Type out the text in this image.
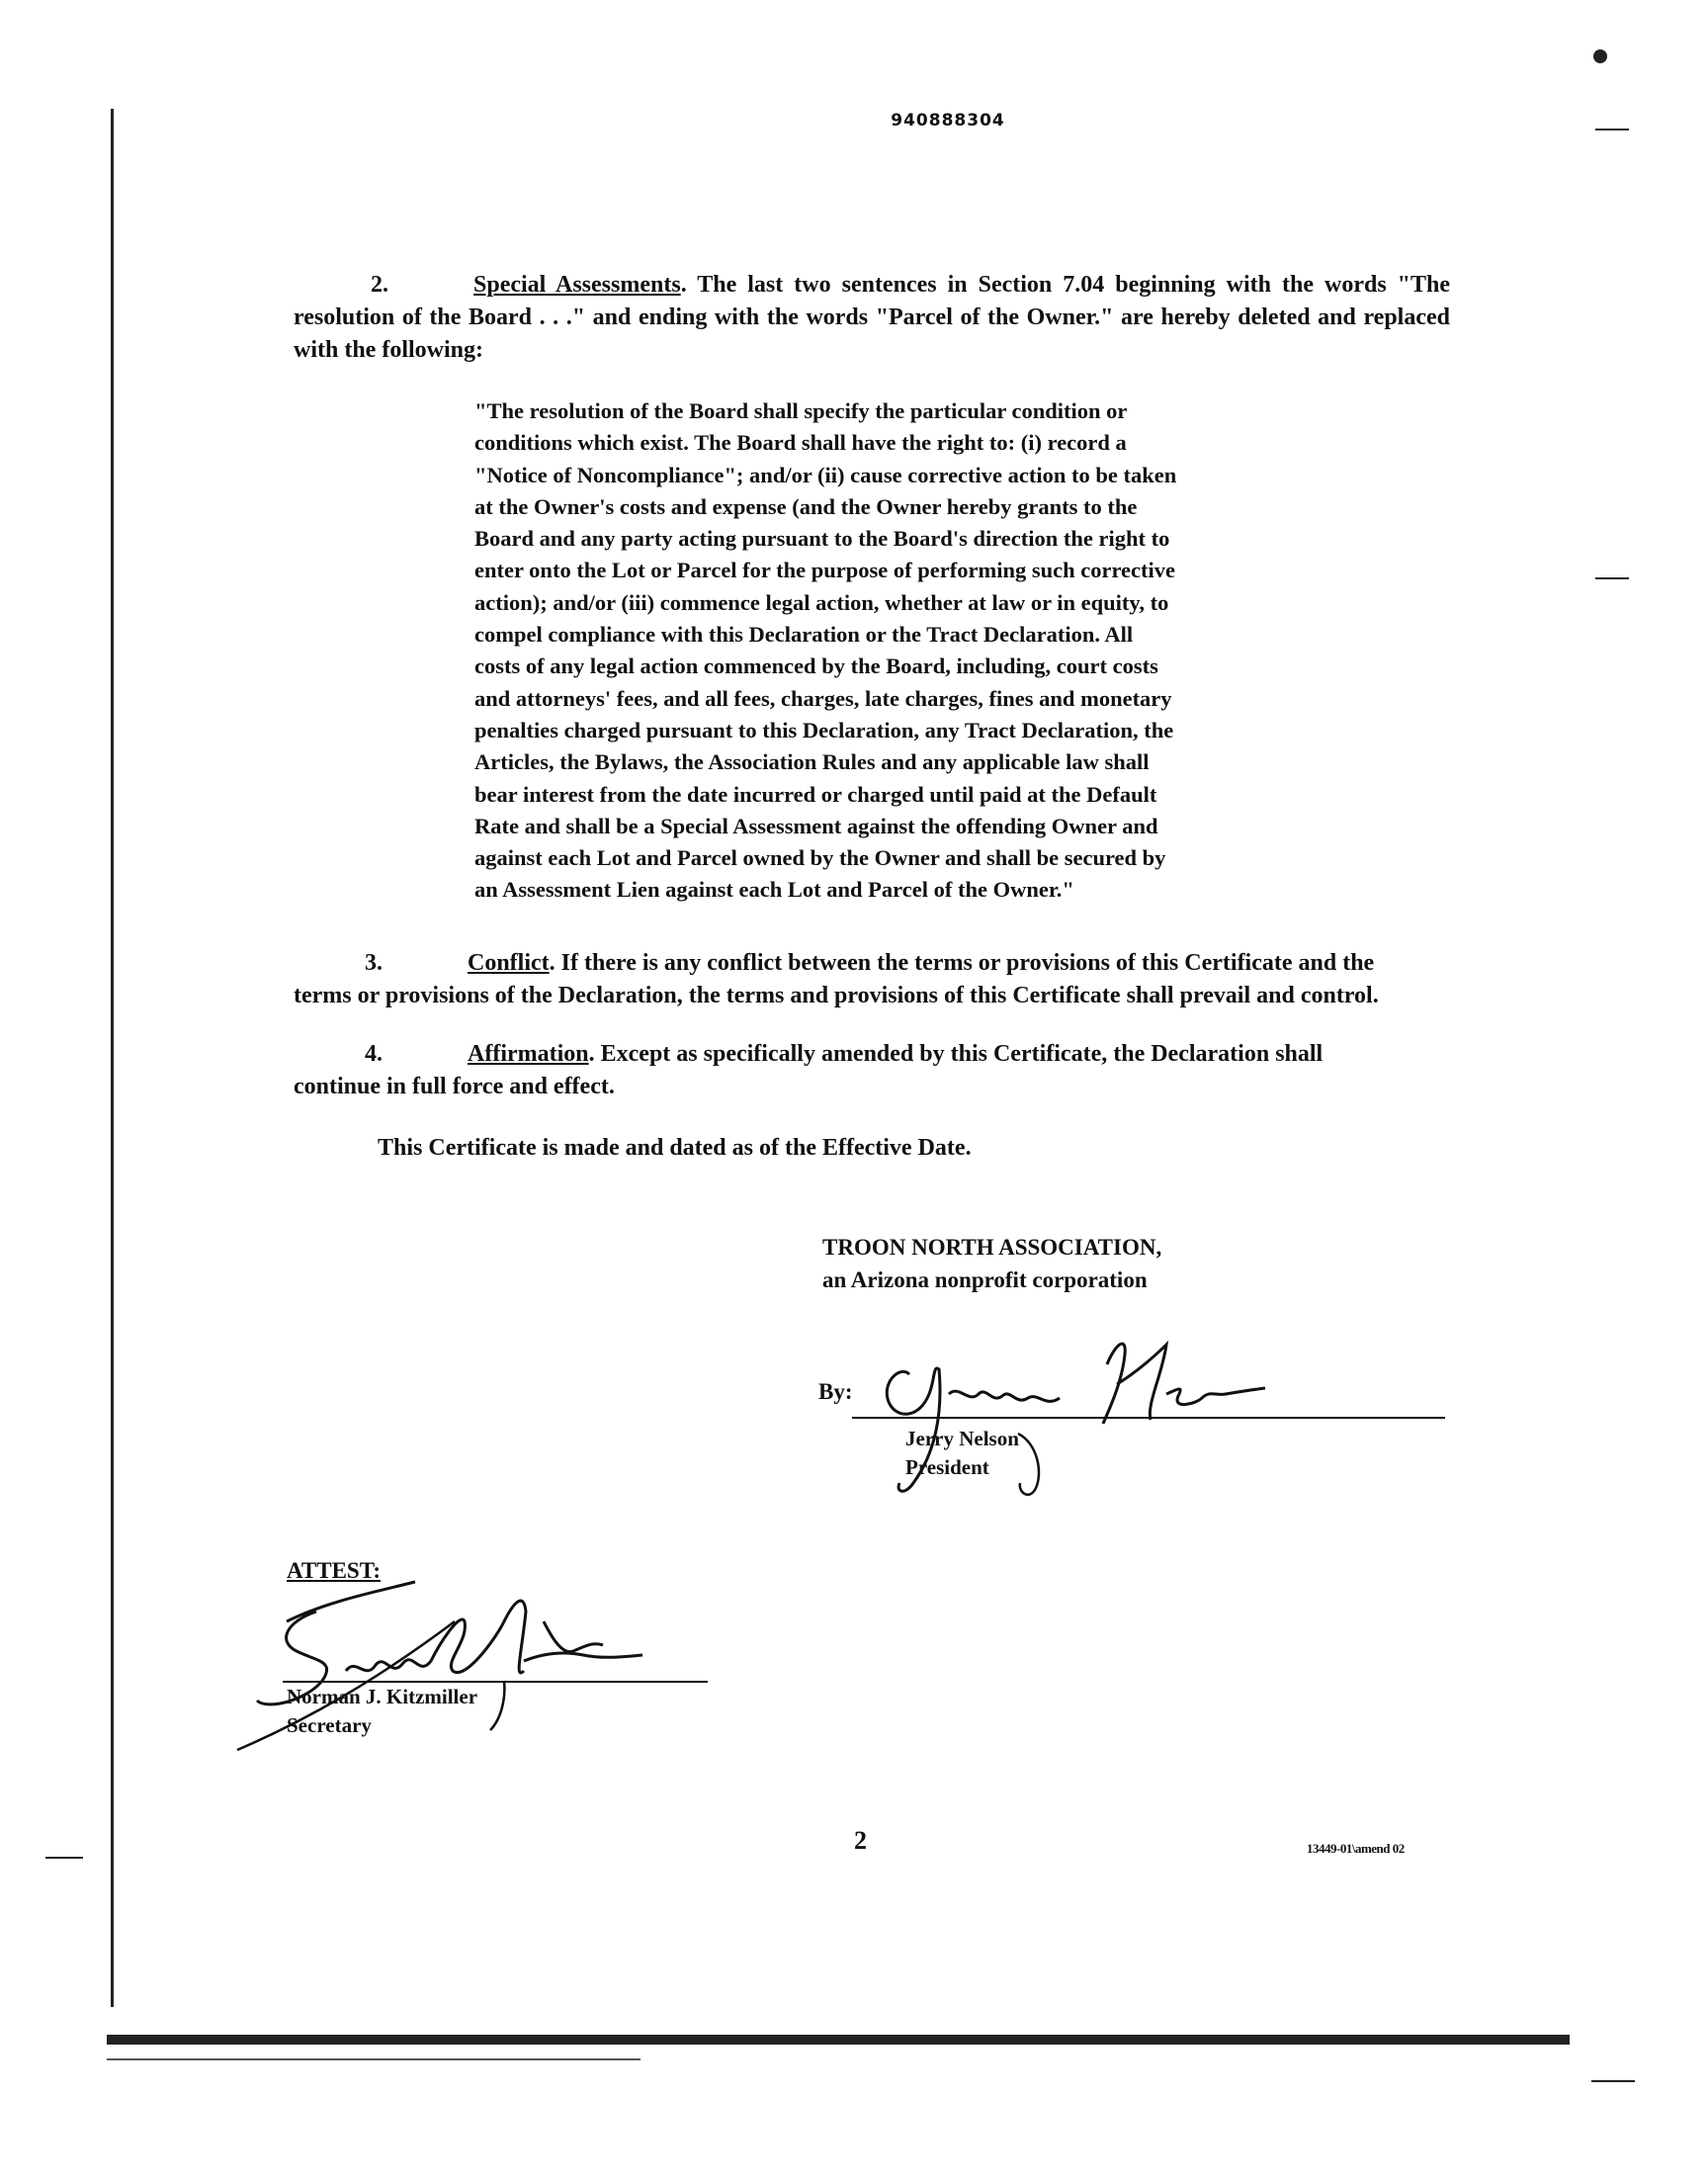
940888304
2.	Special Assessments. The last two sentences in Section 7.04 beginning with the words "The resolution of the Board . . ." and ending with the words "Parcel of the Owner." are hereby deleted and replaced with the following:
"The resolution of the Board shall specify the particular condition or
conditions which exist. The Board shall have the right to: (i) record a
"Notice of Noncompliance"; and/or (ii) cause corrective action to be taken
at the Owner's costs and expense (and the Owner hereby grants to the
Board and any party acting pursuant to the Board's direction the right to
enter onto the Lot or Parcel for the purpose of performing such corrective
action); and/or (iii) commence legal action, whether at law or in equity, to
compel compliance with this Declaration or the Tract Declaration. All
costs of any legal action commenced by the Board, including, court costs
and attorneys' fees, and all fees, charges, late charges, fines and monetary
penalties charged pursuant to this Declaration, any Tract Declaration, the
Articles, the Bylaws, the Association Rules and any applicable law shall
bear interest from the date incurred or charged until paid at the Default
Rate and shall be a Special Assessment against the offending Owner and
against each Lot and Parcel owned by the Owner and shall be secured by
an Assessment Lien against each Lot and Parcel of the Owner."
3.	Conflict. If there is any conflict between the terms or provisions of this Certificate and the
terms or provisions of the Declaration, the terms and provisions of this Certificate shall prevail and control.
4.	Affirmation. Except as specifically amended by this Certificate, the Declaration shall
continue in full force and effect.
This Certificate is made and dated as of the Effective Date.
TROON NORTH ASSOCIATION,
an Arizona nonprofit corporation
By:
Jerry Nelson
President
ATTEST:
Norman J. Kitzmiller
Secretary
2	13449-01\amend 02
